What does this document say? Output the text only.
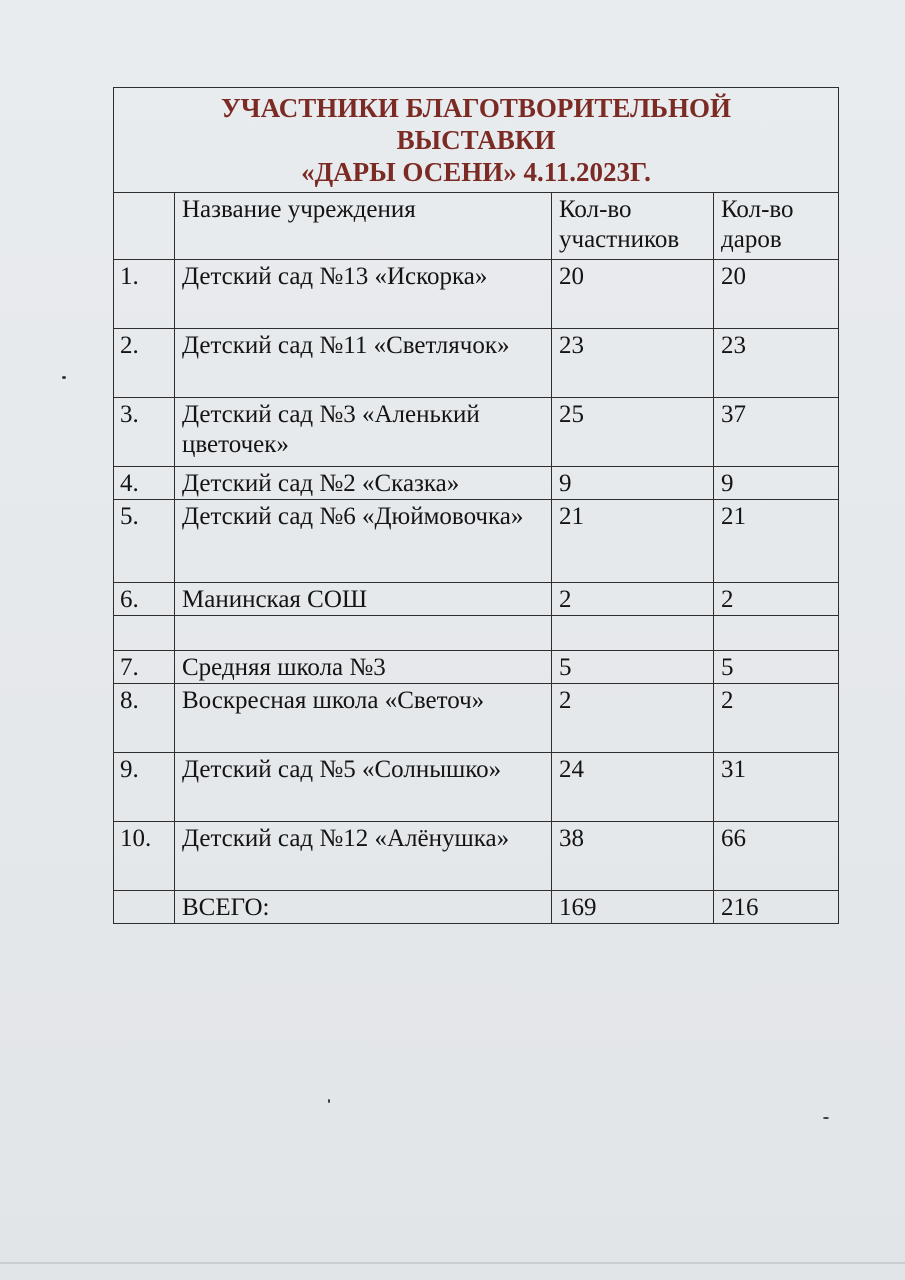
УЧАСТНИКИ БЛАГОТВОРИТЕЛЬНОЙ
ВЫСТАВКИ
«ДАРЫ ОСЕНИ» 4.11.2023Г.			

	Название учреждения	Кол-во участников	Кол-во даров
1.	Детский сад №13 «Искорка»	20	20
2.	Детский сад №11 «Светлячок»	23	23
3.	Детский сад №3 «Аленький цветочек»	25	37
4.	Детский сад №2 «Сказка»	9	9
5.	Детский сад №6 «Дюймовочка»	21	21
6.	Манинская СОШ	2	2

7.	Средняя школа №3	5	5
8.	Воскресная школа «Светоч»	2	2
9.	Детский сад №5 «Солнышко»	24	31
10.	Детский сад №12 «Алёнушка»	38	66
	ВСЕГО:	169	216
